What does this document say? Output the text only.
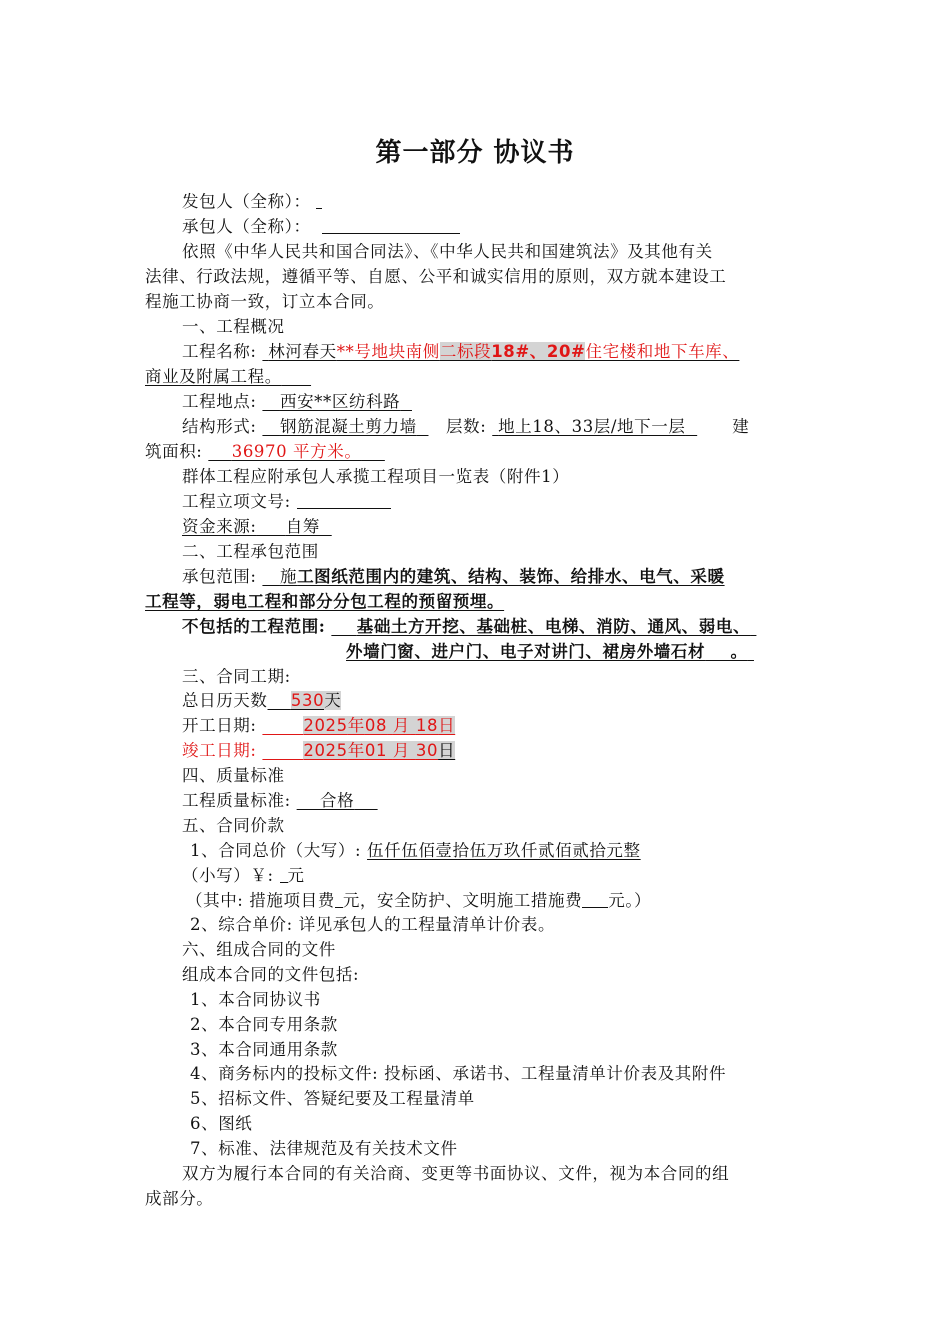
第一部分 协议书
发包人（全称）：
承包人（全称）：
依照《中华人民共和国合同法》、《中华人民共和国建筑法》及其他有关
法律、行政法规，遵循平等、自愿、公平和诚实信用的原则，双方就本建设工
程施工协商一致，订立本合同。
一、工程概况
工程名称: 林河春天**号地块南侧二标段18#、20#住宅楼和地下车库、
商业及附属工程。
工程地点: 西安**区纺科路
结构形式: 钢筋混凝土剪力墙 层数: 地上18、33层/地下一层	建
筑面积: 36970 平方米。
群体工程应附承包人承揽工程项目一览表（附件1）
工程立项文号:
资金来源: 自筹
二、工程承包范围
承包范围: 施工图纸范围内的建筑、结构、装饰、给排水、电气、采暖
工程等，弱电工程和部分分包工程的预留预埋。
不包括的工程范围: 基础土方开挖、基础桩、电梯、消防、通风、弱电、
外墙门窗、进户门、电子对讲门、裙房外墙石材 。
三、合同工期:
总日历天数 530天
开工日期:	2025年08 月 18日
竣工日期:	2025年01 月 30日
四、质量标准
工程质量标准: 合格
五、合同价款
1、合同总价（大写）: 伍仟伍佰壹拾伍万玖仟贰佰贰拾元整
（小写）￥: 元
（其中: 措施项目费 元，安全防护、文明施工措施费 元。）
2、综合单价: 详见承包人的工程量清单计价表。
六、组成合同的文件
组成本合同的文件包括:
1、本合同协议书
2、本合同专用条款
3、本合同通用条款
4、商务标内的投标文件: 投标函、承诺书、工程量清单计价表及其附件
5、招标文件、答疑纪要及工程量清单
6、图纸
7、标准、法律规范及有关技术文件
双方为履行本合同的有关洽商、变更等书面协议、文件，视为本合同的组
成部分。
